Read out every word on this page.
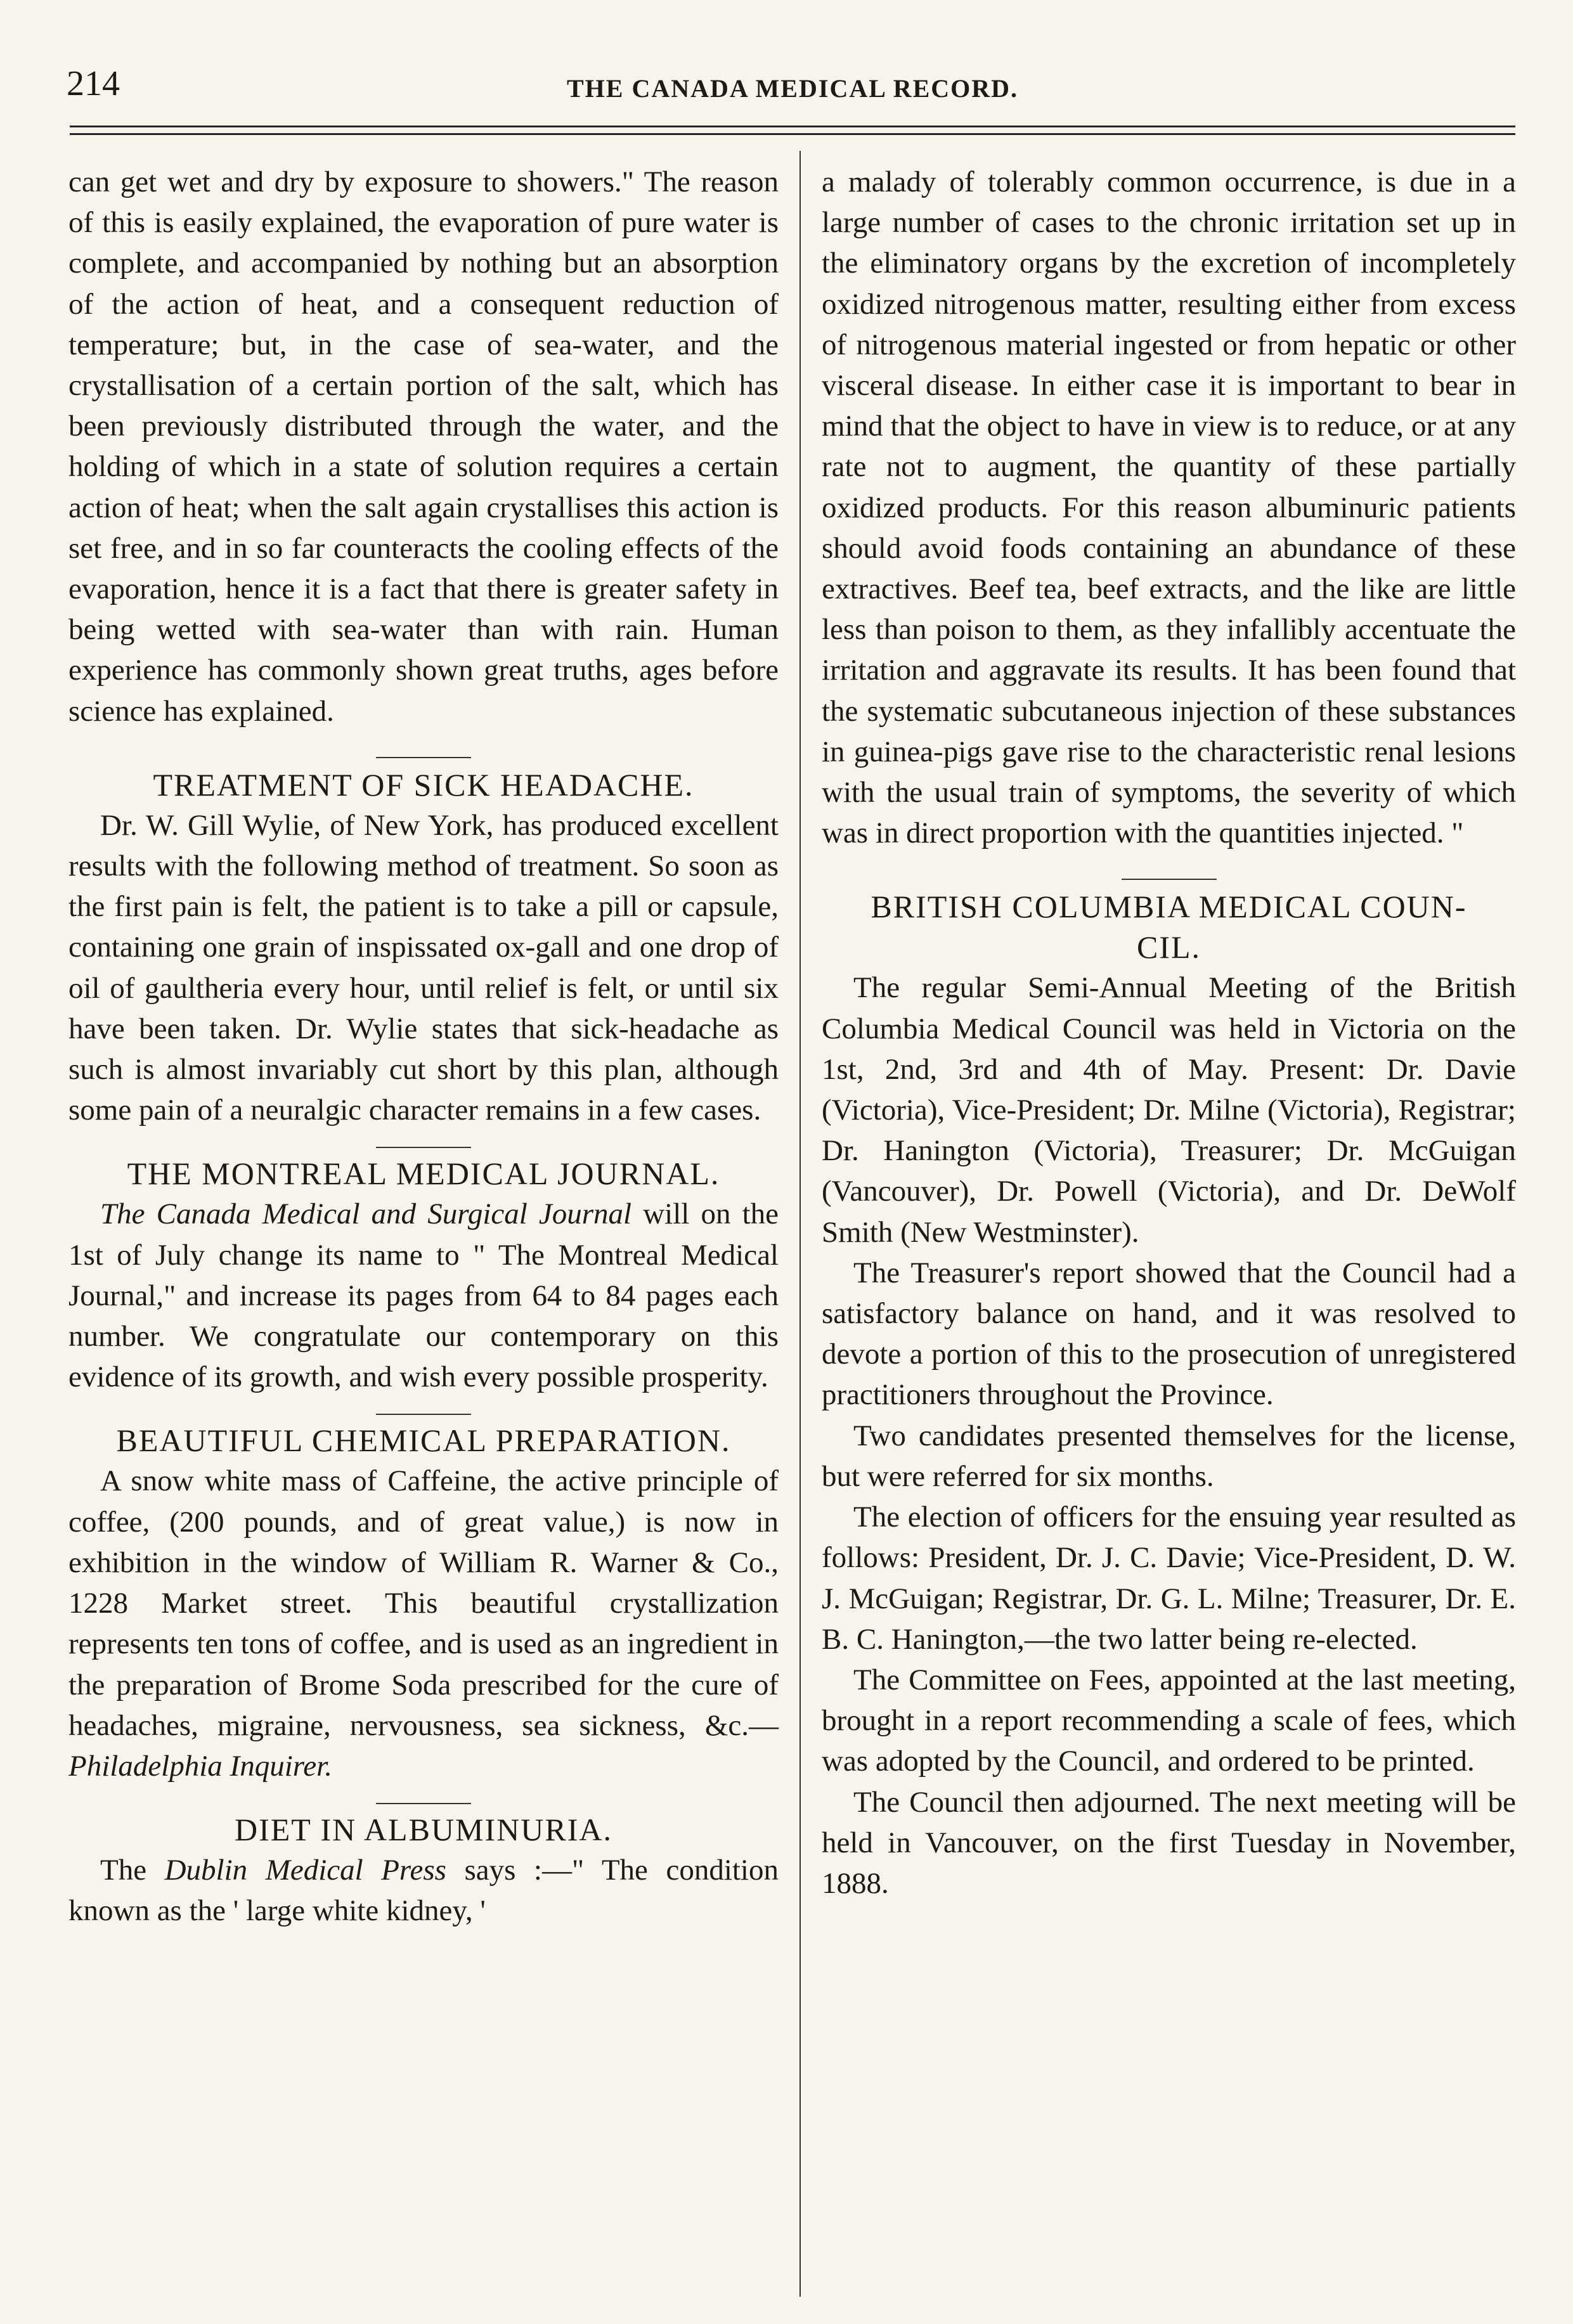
214	THE CANADA MEDICAL RECORD.

can get wet and dry by exposure to showers." The reason of this is easily explained, the evaporation of pure water is complete, and accompanied by nothing but an absorption of the action of heat, and a consequent reduction of temperature; but, in the case of sea-water, and the crystallisation of a certain portion of the salt, which has been previously distributed through the water, and the holding of which in a state of solution requires a certain action of heat; when the salt again crystallises this action is set free, and in so far counteracts the cooling effects of the evaporation, hence it is a fact that there is greater safety in being wetted with sea-water than with rain. Human experience has commonly shown great truths, ages before science has explained.

TREATMENT OF SICK HEADACHE.

Dr. W. Gill Wylie, of New York, has produced excellent results with the following method of treatment. So soon as the first pain is felt, the patient is to take a pill or capsule, containing one grain of inspissated ox-gall and one drop of oil of gaultheria every hour, until relief is felt, or until six have been taken. Dr. Wylie states that sick-headache as such is almost invariably cut short by this plan, although some pain of a neuralgic character remains in a few cases.

THE MONTREAL MEDICAL JOURNAL.

The Canada Medical and Surgical Journal will on the 1st of July change its name to " The Montreal Medical Journal," and increase its pages from 64 to 84 pages each number. We congratulate our contemporary on this evidence of its growth, and wish every possible prosperity.

BEAUTIFUL CHEMICAL PREPARATION.

A snow white mass of Caffeine, the active principle of coffee, (200 pounds, and of great value,) is now in exhibition in the window of William R. Warner & Co., 1228 Market street. This beautiful crystallization represents ten tons of coffee, and is used as an ingredient in the preparation of Brome Soda prescribed for the cure of headaches, migraine, nervousness, sea sickness, &c.—Philadelphia Inquirer.

DIET IN ALBUMINURIA.

The Dublin Medical Press says :—" The condition known as the ' large white kidney, '

a malady of tolerably common occurrence, is due in a large number of cases to the chronic irritation set up in the eliminatory organs by the excretion of incompletely oxidized nitrogenous matter, resulting either from excess of nitrogenous material ingested or from hepatic or other visceral disease. In either case it is important to bear in mind that the object to have in view is to reduce, or at any rate not to augment, the quantity of these partially oxidized products. For this reason albuminuric patients should avoid foods containing an abundance of these extractives. Beef tea, beef extracts, and the like are little less than poison to them, as they infallibly accentuate the irritation and aggravate its results. It has been found that the systematic subcutaneous injection of these substances in guinea-pigs gave rise to the characteristic renal lesions with the usual train of symptoms, the severity of which was in direct proportion with the quantities injected. "

BRITISH COLUMBIA MEDICAL COUN-
CIL.

The regular Semi-Annual Meeting of the British Columbia Medical Council was held in Victoria on the 1st, 2nd, 3rd and 4th of May. Present: Dr. Davie (Victoria), Vice-President; Dr. Milne (Victoria), Registrar; Dr. Hanington (Victoria), Treasurer; Dr. McGuigan (Vancouver), Dr. Powell (Victoria), and Dr. DeWolf Smith (New Westminster).

The Treasurer's report showed that the Council had a satisfactory balance on hand, and it was resolved to devote a portion of this to the prosecution of unregistered practitioners throughout the Province.

Two candidates presented themselves for the license, but were referred for six months.

The election of officers for the ensuing year resulted as follows: President, Dr. J. C. Davie; Vice-President, D. W. J. McGuigan; Registrar, Dr. G. L. Milne; Treasurer, Dr. E. B. C. Hanington,—the two latter being re-elected.

The Committee on Fees, appointed at the last meeting, brought in a report recommending a scale of fees, which was adopted by the Council, and ordered to be printed.

The Council then adjourned. The next meeting will be held in Vancouver, on the first Tuesday in November, 1888.
